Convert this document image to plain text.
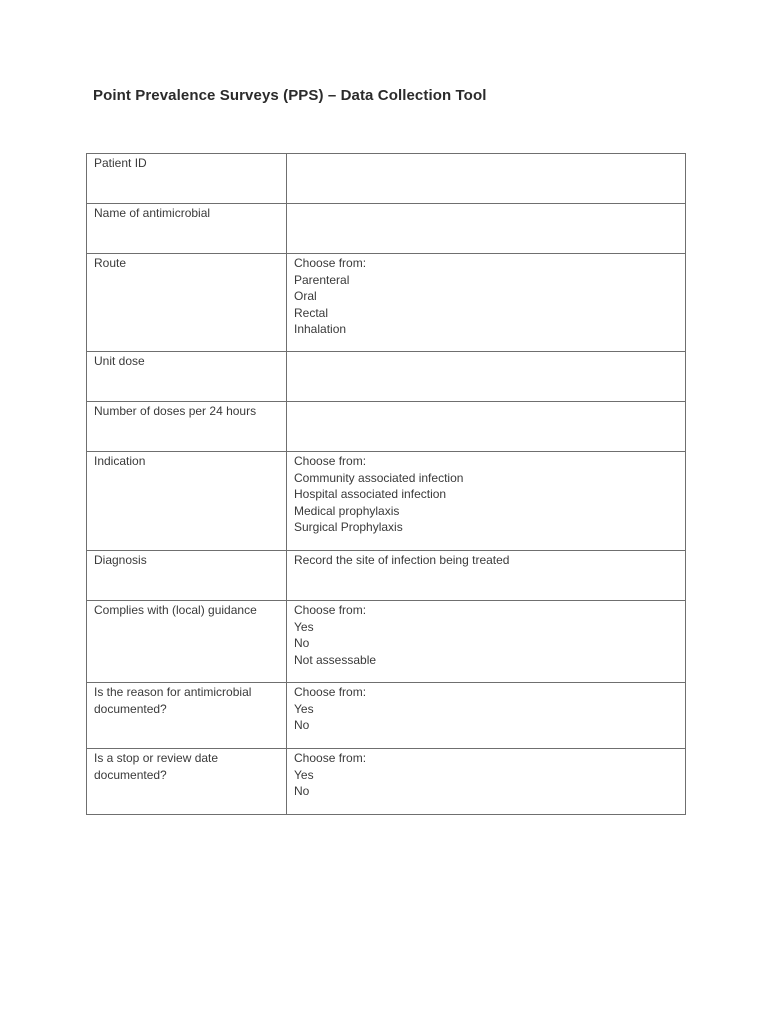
Point Prevalence Surveys (PPS) – Data Collection Tool
Patient ID	

Name of antimicrobial	

Route	Choose from:
Parenteral
Oral
Rectal
Inhalation

Unit dose	

Number of doses per 24 hours	

Indication	Choose from:
Community associated infection
Hospital associated infection
Medical prophylaxis
Surgical Prophylaxis

Diagnosis	Record the site of infection being treated

Complies with (local) guidance	Choose from:
Yes
No
Not assessable

Is the reason for antimicrobial
documented?	Choose from:
Yes
No

Is a stop or review date
documented?	Choose from:
Yes
No
